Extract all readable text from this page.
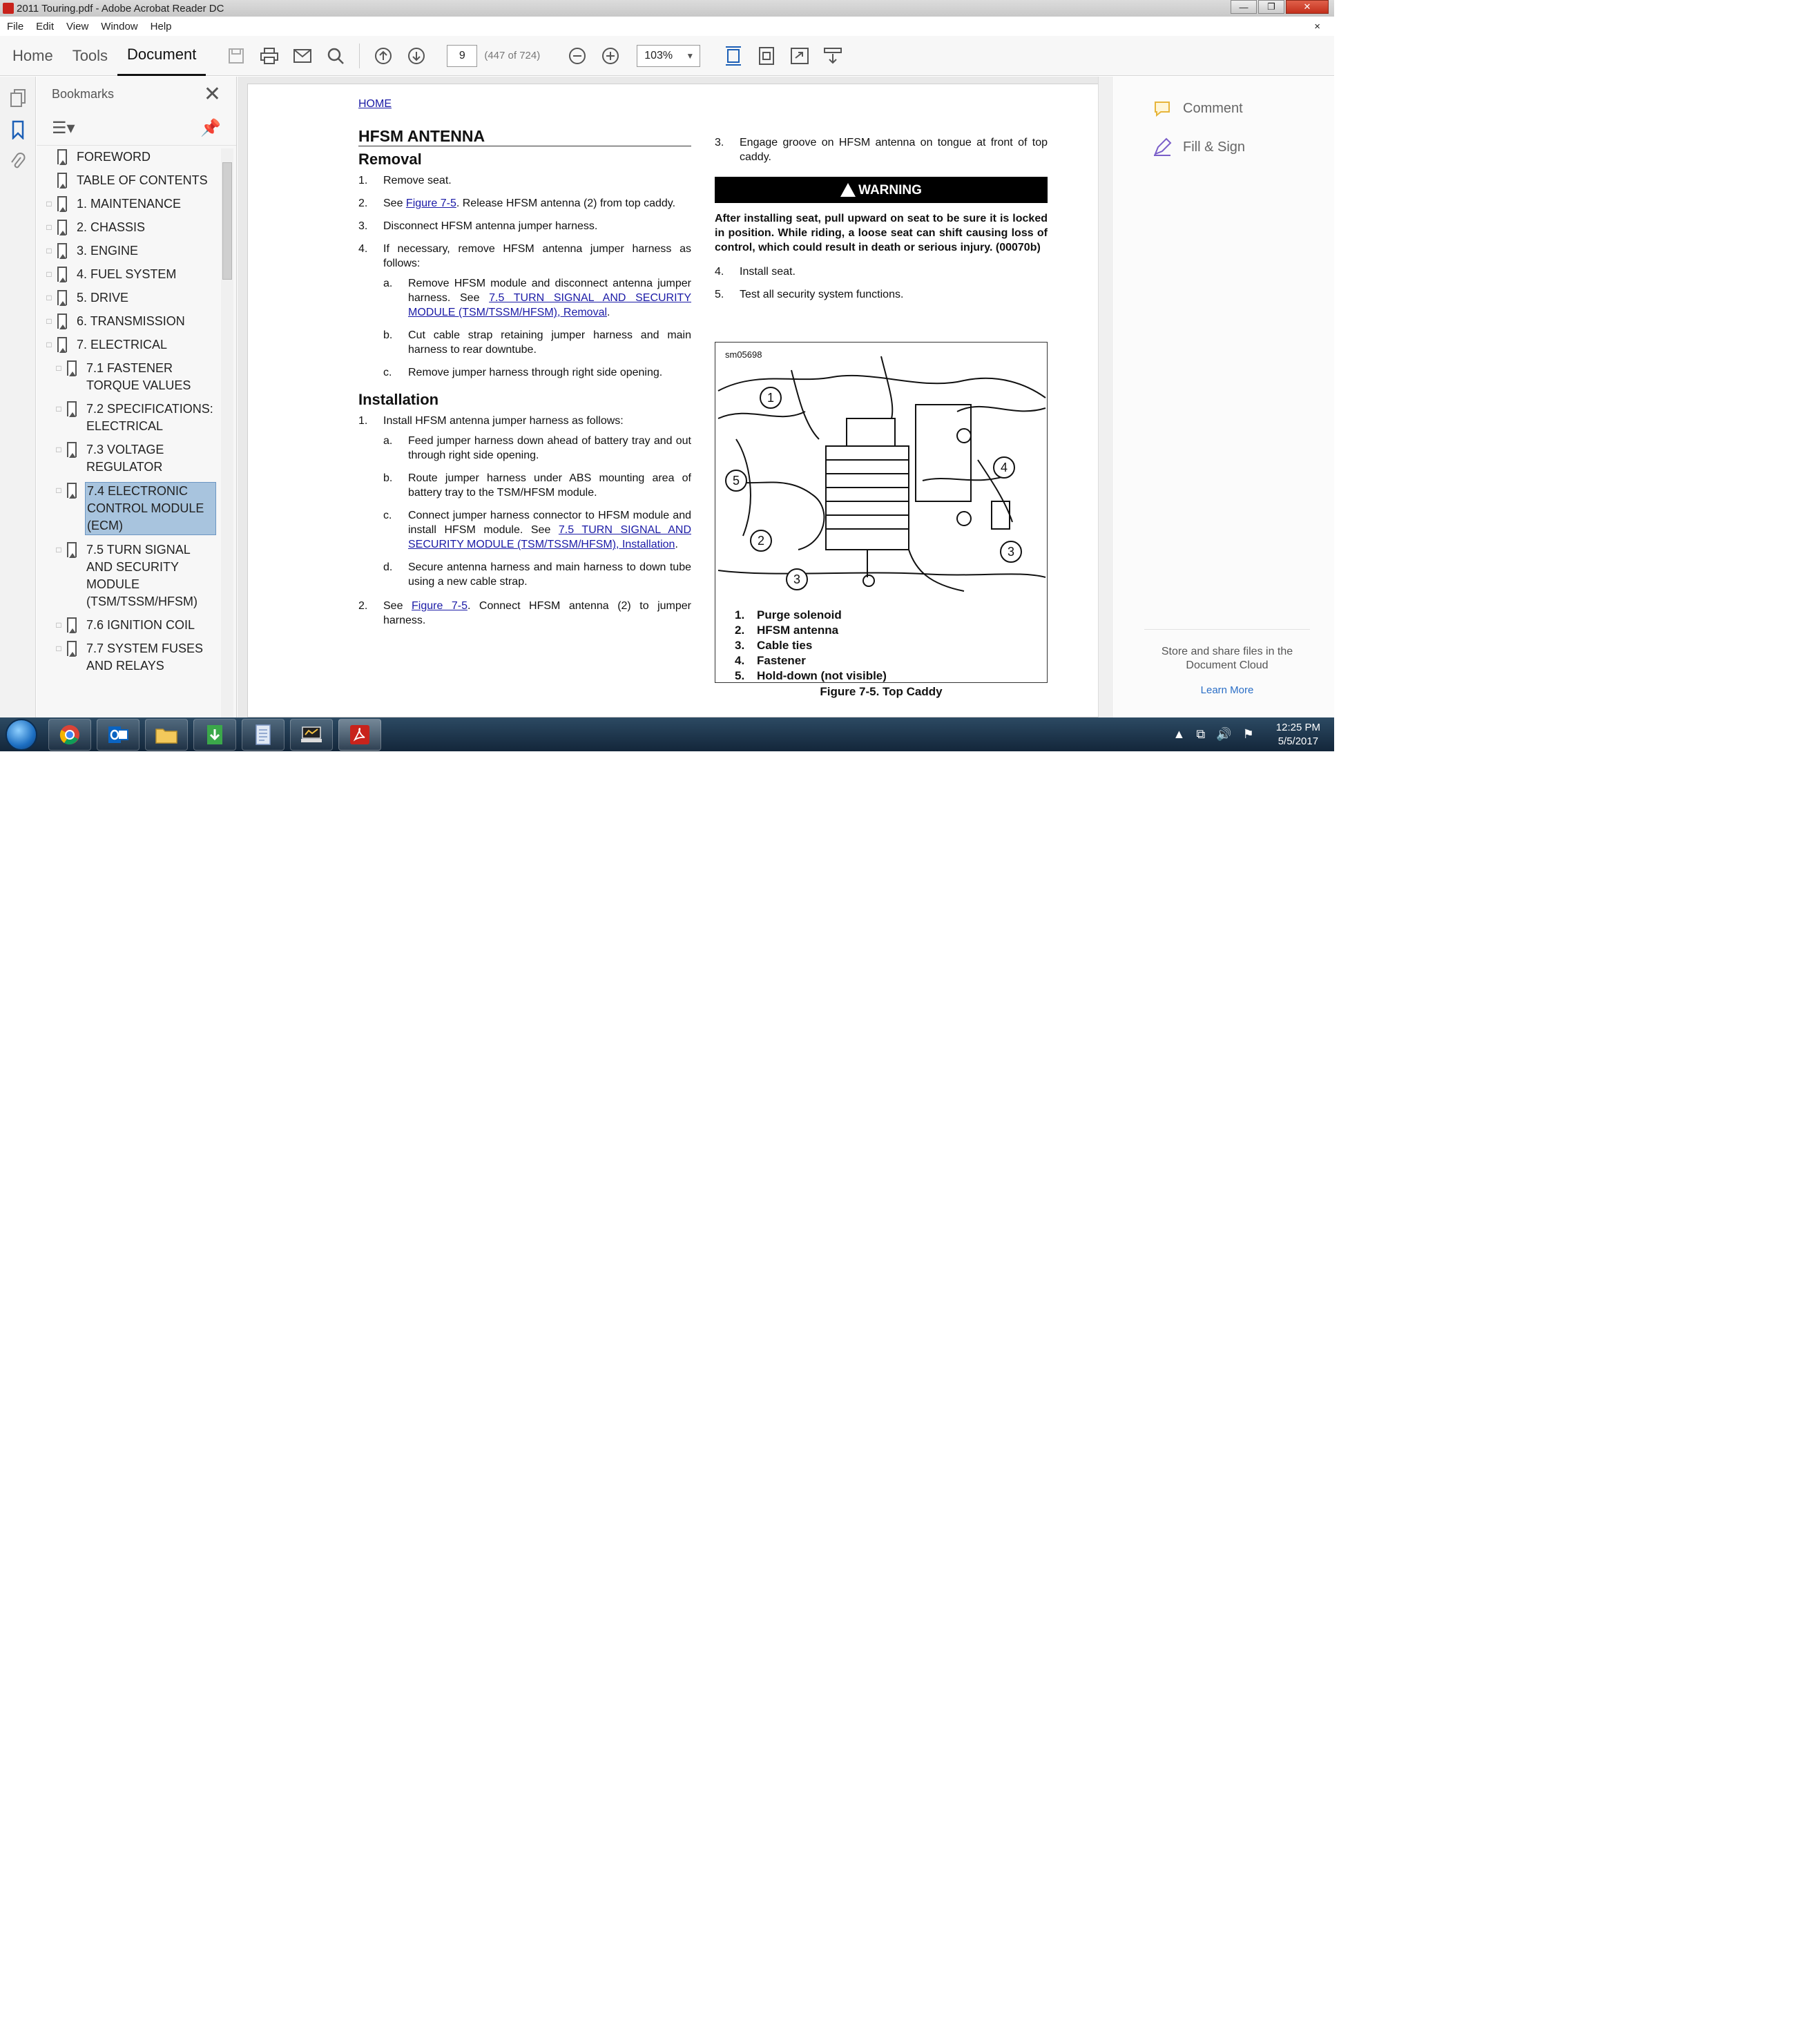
2011 Touring.pdf - Adobe Acrobat Reader DC	—	❐	✕
File Edit View Window Help	×
Home	Tools	Document	9	(447 of 724)	103% ▼
Bookmarks	✕
☰▾	📌
FOREWORD
TABLE OF CONTENTS
□ 1. MAINTENANCE
□ 2. CHASSIS
□ 3. ENGINE
□ 4. FUEL SYSTEM
□ 5. DRIVE
□ 6. TRANSMISSION
□ 7. ELECTRICAL
□ 7.1 FASTENER TORQUE VALUES
□ 7.2 SPECIFICATIONS: ELECTRICAL
□ 7.3 VOLTAGE REGULATOR
□ 7.4 ELECTRONIC CONTROL MODULE (ECM)
□ 7.5 TURN SIGNAL AND SECURITY MODULE (TSM/TSSM/HFSM)
□ 7.6 IGNITION COIL
□ 7.7 SYSTEM FUSES AND RELAYS
HOME
HFSM ANTENNA
Removal
1.	Remove seat.
2.	See Figure 7-5. Release HFSM antenna (2) from top caddy.
3.	Disconnect HFSM antenna jumper harness.
4.	If necessary, remove HFSM antenna jumper harness as follows:
a.	Remove HFSM module and disconnect antenna jumper harness. See 7.5 TURN SIGNAL AND SECURITY MODULE (TSM/TSSM/HFSM), Removal.
b.	Cut cable strap retaining jumper harness and main harness to rear downtube.
c.	Remove jumper harness through right side opening.
Installation
1.	Install HFSM antenna jumper harness as follows:
a.	Feed jumper harness down ahead of battery tray and out through right side opening.
b.	Route jumper harness under ABS mounting area of battery tray to the TSM/HFSM module.
c.	Connect jumper harness connector to HFSM module and install HFSM module. See 7.5 TURN SIGNAL AND SECURITY MODULE (TSM/TSSM/HFSM), Installation.
d.	Secure antenna harness and main harness to down tube using a new cable strap.
2.	See Figure 7-5. Connect HFSM antenna (2) to jumper harness.
3.	Engage groove on HFSM antenna on tongue at front of top caddy.
WARNING
After installing seat, pull upward on seat to be sure it is locked in position. While riding, a loose seat can shift causing loss of control, which could result in death or serious injury. (00070b)
4.	Install seat.
5.	Test all security system functions.
sm05698
1
2
3
3
4
5
1.	Purge solenoid
2.	HFSM antenna
3.	Cable ties
4.	Fastener
5.	Hold-down (not visible)
Figure 7-5. Top Caddy
Comment
Fill & Sign
Store and share files in the Document Cloud
Learn More
▲ ⧉ 🔊 ⚑ 12:25 PM
5/5/2017
